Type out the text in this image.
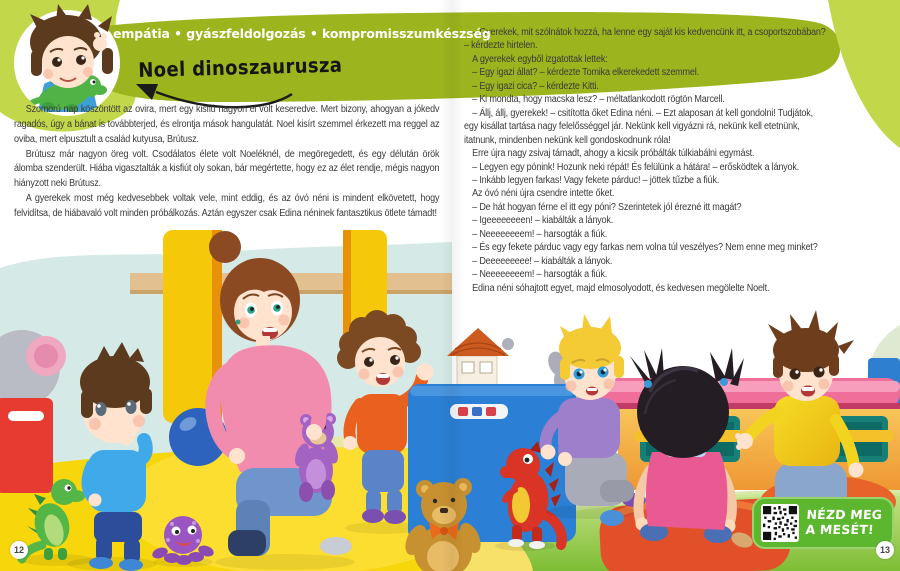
empátia • gyászfeldolgozás • kompromisszumkészség
Noel dinoszaurusza

Szomorú nap köszöntött az ovira, mert egy kisfiú nagyon el volt keseredve. Mert bizony, ahogyan a jókedv ragadós, úgy a bánat is továbbterjed, és elrontja mások hangulatát. Noel kisírt szemmel érkezett ma reggel az oviba, mert elpusztult a család kutyusa, Brútusz.

Brútusz már nagyon öreg volt. Csodálatos élete volt Noeléknél, de megöregedett, és egy délután örök álomba szenderült. Hiába vigasztalták a kisfiút oly sokan, bár megértette, hogy ez az élet rendje, mégis nagyon hiányzott neki Brútusz.

A gyerekek most még kedvesebbek voltak vele, mint eddig, és az óvó néni is mindent elkövetett, hogy felvidítsa, de hiábavaló volt minden próbálkozás. Aztán egyszer csak Edina néninek fantasztikus ötlete támadt!

– Gyerekek, mit szólnátok hozzá, ha lenne egy saját kis kedvencünk itt, a csoportszobában?

– kérdezte hirtelen.

A gyerekek egyből izgatottak lettek:

– Egy igazi állat? – kérdezte Tomika elkerekedett szemmel.

– Egy igazi cica? – kérdezte Kitti.

– Ki mondta, hogy macska lesz? – méltatlankodott rögtön Marcell.

– Állj, állj, gyerekek! – csitította őket Edina néni. – Ezt alaposan át kell gondolni! Tudjátok,

egy kisállat tartása nagy felelősséggel jár. Nekünk kell vigyázni rá, nekünk kell etetnünk,

itatnunk, mindenben nekünk kell gondoskodnunk róla!

Erre újra nagy zsivaj támadt, ahogy a kicsik próbálták túlkiabálni egymást.

– Legyen egy pónink! Hozunk neki répát! És felülünk a hátára! – erősködtek a lányok.

– Inkább legyen farkas! Vagy fekete párduc! – jöttek tűzbe a fiúk.

Az óvó néni újra csendre intette őket.

– De hát hogyan férne el itt egy póni? Szerintetek jól érezné itt magát?

– Igeeeeeeeen! – kiabálták a lányok.

– Neeeeeeeem! – harsogták a fiúk.

– És egy fekete párduc vagy egy farkas nem volna túl veszélyes? Nem enne meg minket?

– Deeeeeeeee! – kiabálták a lányok.

– Neeeeeeeem! – harsogták a fiúk.

Edina néni sóhajtott egyet, majd elmosolyodott, és kedvesen megölelte Noelt.

NÉZD MEG
A MESÉT!
12	13
